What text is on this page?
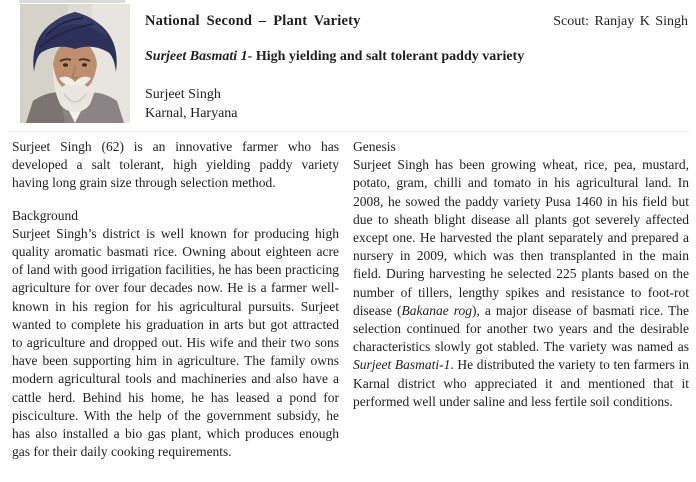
National Second – Plant Variety	Scout: Ranjay K Singh
Surjeet Basmati 1- High yielding and salt tolerant paddy variety
Surjeet Singh
Karnal, Haryana

Surjeet Singh (62) is an innovative farmer who has developed a salt tolerant, high yielding paddy variety having long grain size through selection method.

Background

Surjeet Singh’s district is well known for producing high quality aromatic basmati rice. Owning about eighteen acre of land with good irrigation facilities, he has been practicing agriculture for over four decades now. He is a farmer well-known in his region for his agricultural pursuits. Surjeet wanted to complete his graduation in arts but got attracted to agriculture and dropped out. His wife and their two sons have been supporting him in agriculture. The family owns modern agricultural tools and machineries and also have a cattle herd. Behind his home, he has leased a pond for pisciculture. With the help of the government subsidy, he has also installed a bio gas plant, which produces enough gas for their daily cooking requirements.

Genesis

Surjeet Singh has been growing wheat, rice, pea, mustard, potato, gram, chilli and tomato in his agricultural land. In 2008, he sowed the paddy variety Pusa 1460 in his field but due to sheath blight disease all plants got severely affected except one. He harvested the plant separately and prepared a nursery in 2009, which was then transplanted in the main field. During harvesting he selected 225 plants based on the number of tillers, lengthy spikes and resistance to foot-rot disease (Bakanae rog), a major disease of basmati rice. The selection continued for another two years and the desirable characteristics slowly got stabled. The variety was named as Surjeet Basmati-1. He distributed the variety to ten farmers in Karnal district who appreciated it and mentioned that it performed well under saline and less fertile soil conditions.
